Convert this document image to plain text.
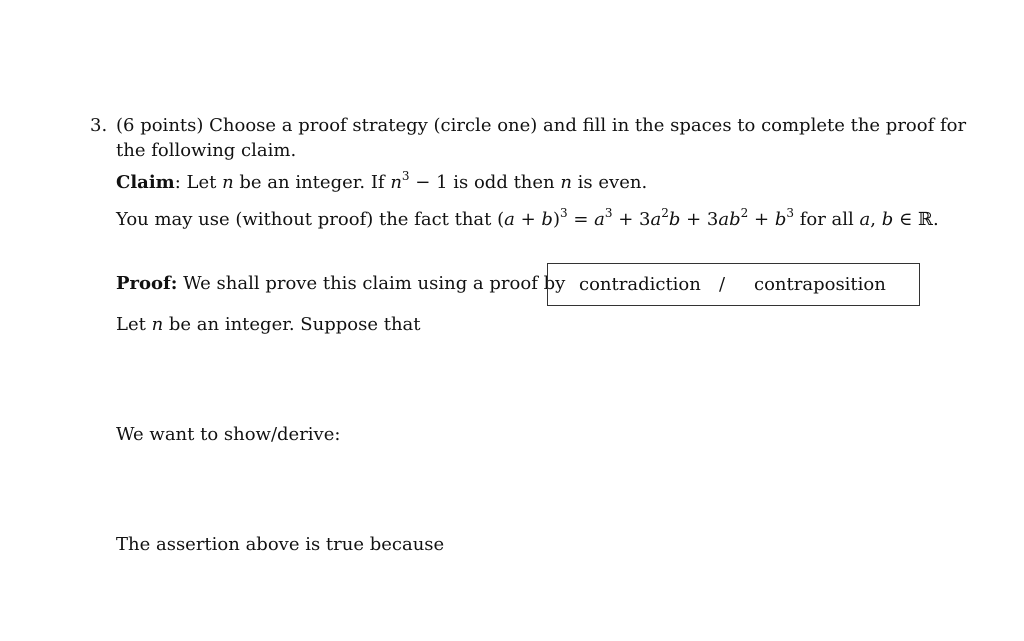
3. (6 points) Choose a proof strategy (circle one) and fill in the spaces to complete the proof for
the following claim.
Claim: Let n be an integer. If $n^3 - 1$ is odd then n is even.
You may use (without proof) the fact that $(a + b)^3 = a^3 + 3a^2b + 3ab^2 + b^3$ for all a, b ∈ ℝ.
Proof: We shall prove this claim using a proof by contradiction / contraposition
Let n be an integer. Suppose that
We want to show/derive:
The assertion above is true because
